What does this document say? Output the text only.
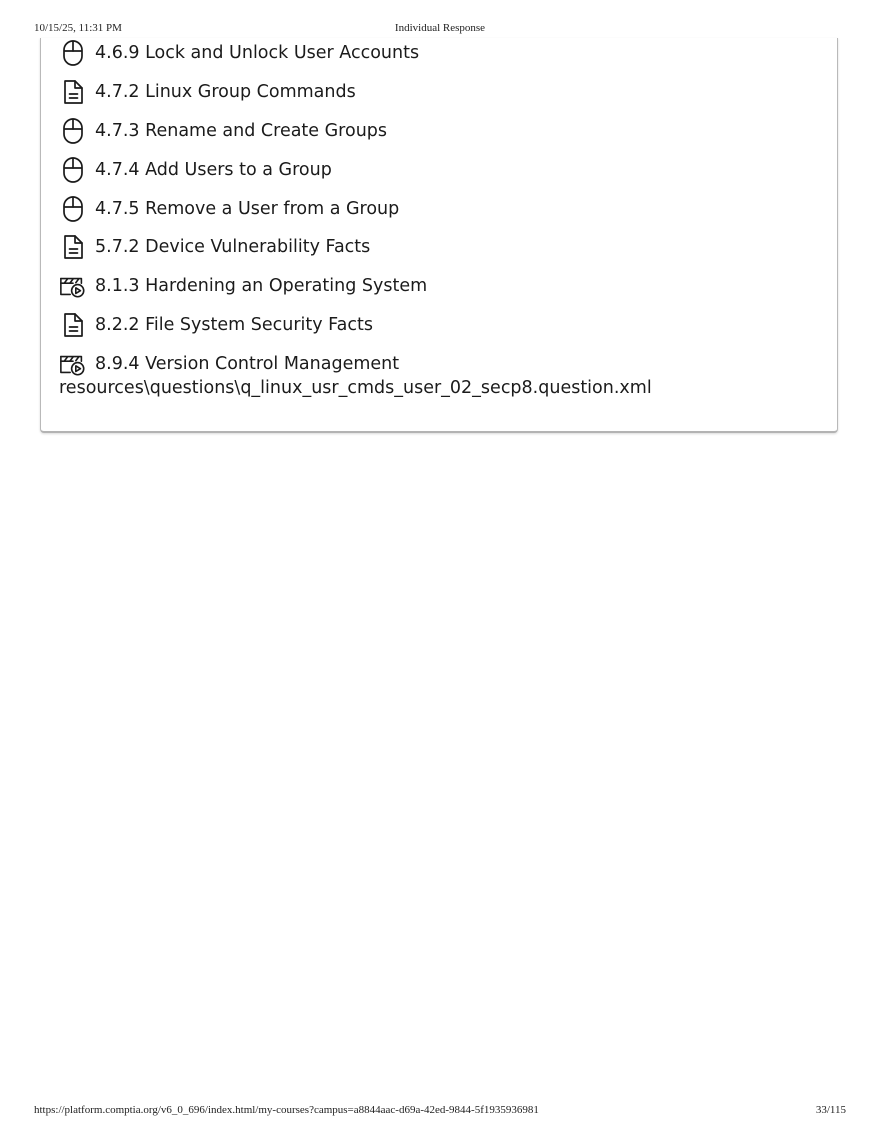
10/15/25, 11:31 PM	Individual Response
4.6.9 Lock and Unlock User Accounts
4.7.2 Linux Group Commands
4.7.3 Rename and Create Groups
4.7.4 Add Users to a Group
4.7.5 Remove a User from a Group
5.7.2 Device Vulnerability Facts
8.1.3 Hardening an Operating System
8.2.2 File System Security Facts
8.9.4 Version Control Management
resources\questions\q_linux_usr_cmds_user_02_secp8.question.xml
https://platform.comptia.org/v6_0_696/index.html/my-courses?campus=a8844aac-d69a-42ed-9844-5f1935936981	33/115
